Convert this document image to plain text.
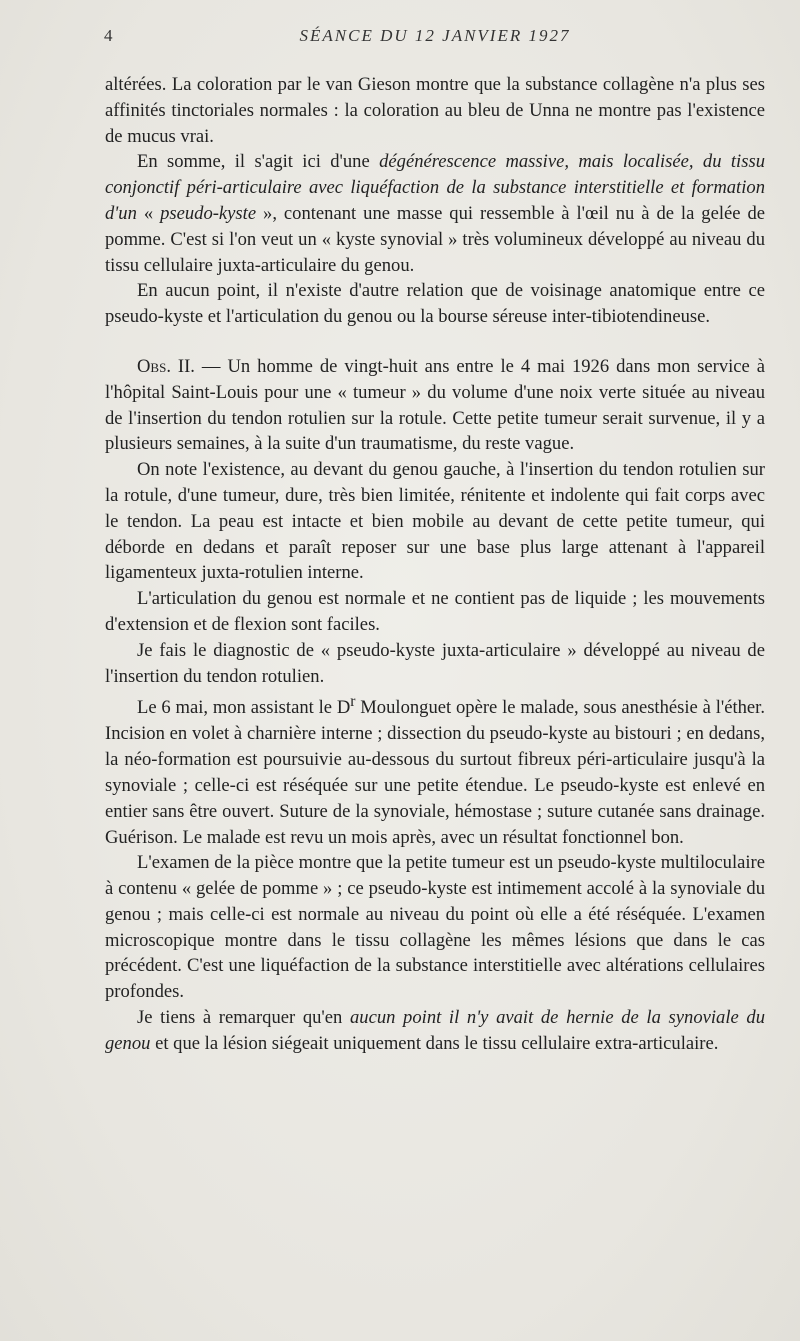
4	SÉANCE DU 12 JANVIER 1927

altérées. La coloration par le van Gieson montre que la substance collagène n'a plus ses affinités tinctoriales normales : la coloration au bleu de Unna ne montre pas l'existence de mucus vrai.

En somme, il s'agit ici d'une dégénérescence massive, mais localisée, du tissu conjonctif péri-articulaire avec liquéfaction de la substance interstitielle et formation d'un « pseudo-kyste », contenant une masse qui ressemble à l'œil nu à de la gelée de pomme. C'est si l'on veut un « kyste synovial » très volumineux développé au niveau du tissu cellulaire juxta-articulaire du genou.

En aucun point, il n'existe d'autre relation que de voisinage anatomique entre ce pseudo-kyste et l'articulation du genou ou la bourse séreuse inter-tibiotendineuse.

Obs. II. — Un homme de vingt-huit ans entre le 4 mai 1926 dans mon service à l'hôpital Saint-Louis pour une « tumeur » du volume d'une noix verte située au niveau de l'insertion du tendon rotulien sur la rotule. Cette petite tumeur serait survenue, il y a plusieurs semaines, à la suite d'un traumatisme, du reste vague.

On note l'existence, au devant du genou gauche, à l'insertion du tendon rotulien sur la rotule, d'une tumeur, dure, très bien limitée, rénitente et indolente qui fait corps avec le tendon. La peau est intacte et bien mobile au devant de cette petite tumeur, qui déborde en dedans et paraît reposer sur une base plus large attenant à l'appareil ligamenteux juxta-rotulien interne.

L'articulation du genou est normale et ne contient pas de liquide ; les mouvements d'extension et de flexion sont faciles.

Je fais le diagnostic de « pseudo-kyste juxta-articulaire » développé au niveau de l'insertion du tendon rotulien.

Le 6 mai, mon assistant le $D^r$ Moulonguet opère le malade, sous anesthésie à l'éther. Incision en volet à charnière interne ; dissection du pseudo-kyste au bistouri ; en dedans, la néo-formation est poursuivie au-dessous du surtout fibreux péri-articulaire jusqu'à la synoviale ; celle-ci est réséquée sur une petite étendue. Le pseudo-kyste est enlevé en entier sans être ouvert. Suture de la synoviale, hémostase ; suture cutanée sans drainage. Guérison. Le malade est revu un mois après, avec un résultat fonctionnel bon.

L'examen de la pièce montre que la petite tumeur est un pseudo-kyste multiloculaire à contenu « gelée de pomme » ; ce pseudo-kyste est intimement accolé à la synoviale du genou ; mais celle-ci est normale au niveau du point où elle a été réséquée. L'examen microscopique montre dans le tissu collagène les mêmes lésions que dans le cas précédent. C'est une liquéfaction de la substance interstitielle avec altérations cellulaires profondes.

Je tiens à remarquer qu'en aucun point il n'y avait de hernie de la synoviale du genou et que la lésion siégeait uniquement dans le tissu cellulaire extra-articulaire.
